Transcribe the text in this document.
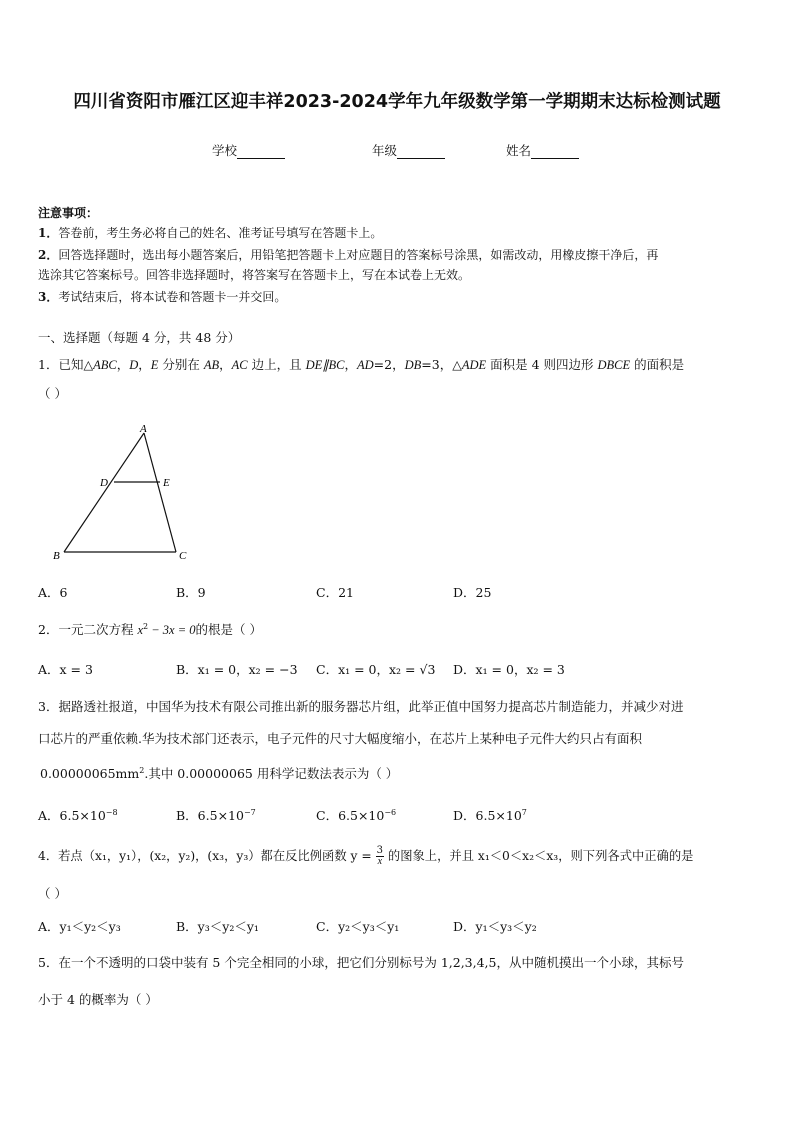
四川省资阳市雁江区迎丰祥2023-2024学年九年级数学第一学期期末达标检测试题
学校	年级	姓名
注意事项：
1．答卷前，考生务必将自己的姓名、准考证号填写在答题卡上。
2．回答选择题时，选出每小题答案后，用铅笔把答题卡上对应题目的答案标号涂黑，如需改动，用橡皮擦干净后，再
选涂其它答案标号。回答非选择题时，将答案写在答题卡上，写在本试卷上无效。
3．考试结束后，将本试卷和答题卡一并交回。
一、选择题（每题 4 分，共 48 分）
1．已知△ABC，D，E 分别在 AB，AC 边上，且 DE∥BC，AD=2，DB=3，△ADE 面积是 4 则四边形 DBCE 的面积是
（ ）
A
D	E
B	C
A．6	B．9	C．21	D．25
2．一元二次方程 $x^2 - 3x = 0$的根是（ ）
A．x = 3	B．x₁ = 0，x₂ = −3 C．x₁ = 0，x₂ = √3 D．x₁ = 0，x₂ = 3
3．据路透社报道，中国华为技术有限公司推出新的服务器芯片组，此举正值中国努力提高芯片制造能力，并减少对进
口芯片的严重依赖.华为技术部门还表示，电子元件的尺寸大幅度缩小，在芯片上某种电子元件大约只占有面积
$0.00000065mm^2$.其中 0.00000065 用科学记数法表示为（ ）
A．$6.5\times 10^{-8}$	B．$6.5\times 10^{-7}$	C．$6.5\times 10^{-6}$	D．$6.5\times 10^7$
4．若点（x₁，y₁），(x₂，y₂)，(x₃，y₃）都在反比例函数 $y = \frac{3}{x}$ 的图象上，并且 x₁＜0＜x₂＜x₃，则下列各式中正确的是
（ ）
A．y₁＜y₂＜y₃	B．y₃＜y₂＜y₁	C．y₂＜y₃＜y₁	D．y₁＜y₃＜y₂
5．在一个不透明的口袋中装有 5 个完全相同的小球，把它们分别标号为 1,2,3,4,5，从中随机摸出一个小球，其标号
小于 4 的概率为（ ）
